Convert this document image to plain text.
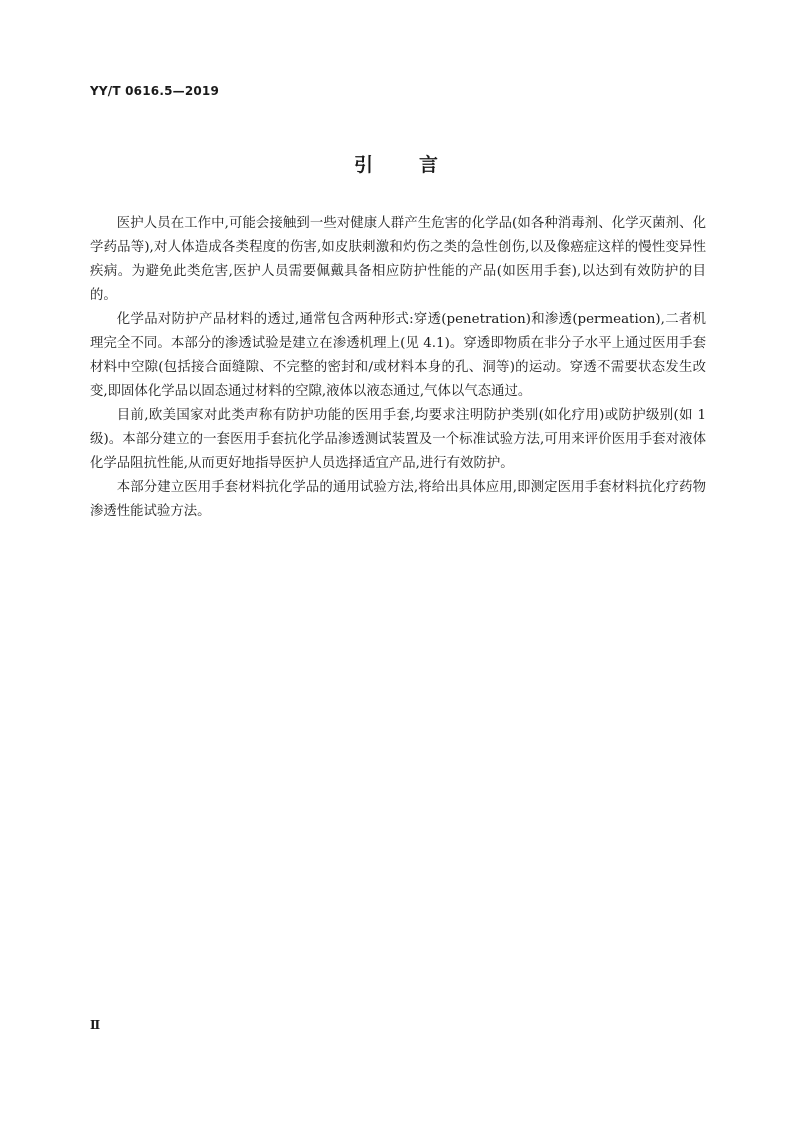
YY/T 0616.5—2019
引 言

医护人员在工作中,可能会接触到一些对健康人群产生危害的化学品(如各种消毒剂、化学灭菌剂、化学药品等),对人体造成各类程度的伤害,如皮肤刺激和灼伤之类的急性创伤,以及像癌症这样的慢性变异性疾病。为避免此类危害,医护人员需要佩戴具备相应防护性能的产品(如医用手套),以达到有效防护的目的。

化学品对防护产品材料的透过,通常包含两种形式:穿透(penetration)和渗透(permeation),二者机理完全不同。本部分的渗透试验是建立在渗透机理上(见 4.1)。穿透即物质在非分子水平上通过医用手套材料中空隙(包括接合面缝隙、不完整的密封和/或材料本身的孔、洞等)的运动。穿透不需要状态发生改变,即固体化学品以固态通过材料的空隙,液体以液态通过,气体以气态通过。

目前,欧美国家对此类声称有防护功能的医用手套,均要求注明防护类别(如化疗用)或防护级别(如 1 级)。本部分建立的一套医用手套抗化学品渗透测试装置及一个标准试验方法,可用来评价医用手套对液体化学品阻抗性能,从而更好地指导医护人员选择适宜产品,进行有效防护。

本部分建立医用手套材料抗化学品的通用试验方法,将给出具体应用,即测定医用手套材料抗化疗药物渗透性能试验方法。

Ⅱ
